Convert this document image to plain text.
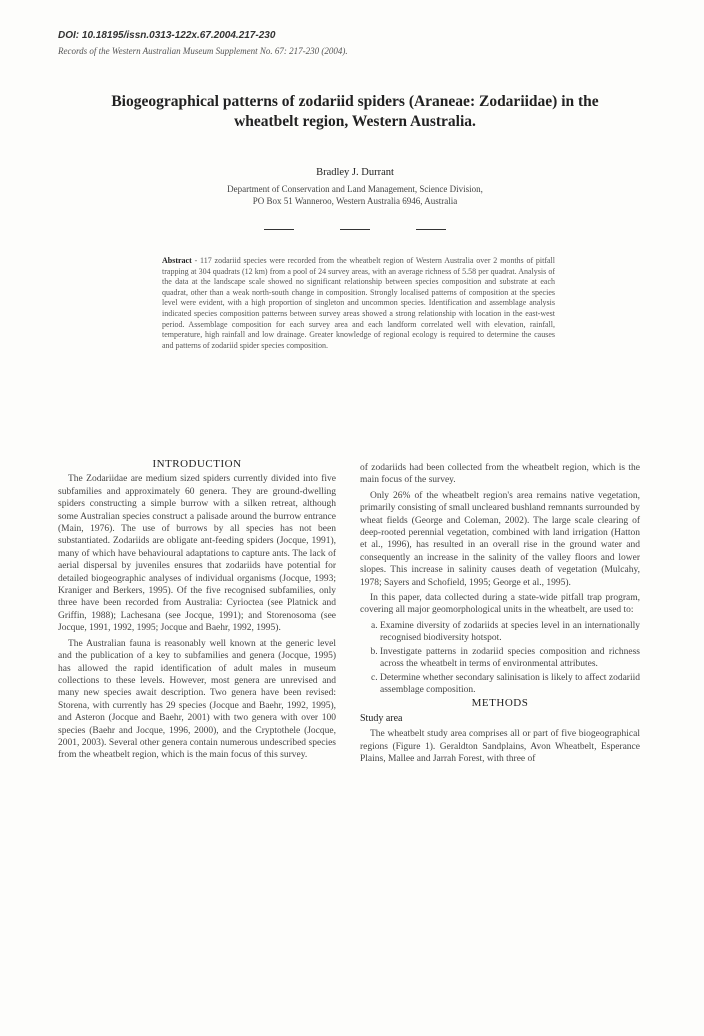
DOI: 10.18195/issn.0313-122x.67.2004.217-230
Records of the Western Australian Museum Supplement No. 67: 217-230 (2004).
Biogeographical patterns of zodariid spiders (Araneae: Zodariidae) in the wheatbelt region, Western Australia.
Bradley J. Durrant
Department of Conservation and Land Management, Science Division,
PO Box 51 Wanneroo, Western Australia 6946, Australia
Abstract - 117 zodariid species were recorded from the wheatbelt region of Western Australia over 2 months of pitfall trapping at 304 quadrats (12 km) from a pool of 24 survey areas, with an average richness of 5.58 per quadrat. Analysis of the data at the landscape scale showed no significant relationship between species composition and substrate at each quadrat, other than a weak north-south change in composition. Strongly localised patterns of composition at the species level were evident, with a high proportion of singleton and uncommon species. Identification and assemblage analysis indicated species composition patterns between survey areas showed a strong relationship with location in the east-west period. Assemblage composition for each survey area and each landform correlated well with elevation, rainfall, temperature, high rainfall and low drainage. Greater knowledge of regional ecology is required to determine the causes and patterns of zodariid spider species composition.

INTRODUCTION

The Zodariidae are medium sized spiders currently divided into five subfamilies and approximately 60 genera. They are ground-dwelling spiders constructing a simple burrow with a silken retreat, although some Australian species construct a palisade around the burrow entrance (Main, 1976). The use of burrows by all species has not been substantiated. Zodariids are obligate ant-feeding spiders (Jocque, 1991), many of which have behavioural adaptations to capture ants. The lack of aerial dispersal by juveniles ensures that zodariids have potential for detailed biogeographic analyses of individual organisms (Jocque, 1993; Kraniger and Berkers, 1995). Of the five recognised subfamilies, only three have been recorded from Australia: Cyrioctea (see Platnick and Griffin, 1988); Lachesana (see Jocque, 1991); and Storenosoma (see Jocque, 1991, 1992, 1995; Jocque and Baehr, 1992, 1995).

The Australian fauna is reasonably well known at the generic level and the publication of a key to subfamilies and genera (Jocque, 1995) has allowed the rapid identification of adult males in museum collections to these levels. However, most genera are unrevised and many new species await description. Two genera have been revised: Storena, with currently has 29 species (Jocque and Baehr, 1992, 1995), and Asteron (Jocque and Baehr, 2001) with two genera with over 100 species (Baehr and Jocque, 1996, 2000), and the Cryptothele (Jocque, 2001, 2003). Several other genera contain numerous undescribed species from the wheatbelt region, which is the main focus of this survey.

of zodariids had been collected from the wheatbelt region, which is the main focus of the survey.

Only 26% of the wheatbelt region's area remains native vegetation, primarily consisting of small uncleared bushland remnants surrounded by wheat fields (George and Coleman, 2002). The large scale clearing of deep-rooted perennial vegetation, combined with land irrigation (Hatton et al., 1996), has resulted in an overall rise in the ground water and consequently an increase in the salinity of the valley floors and lower slopes. This increase in salinity causes death of vegetation (Mulcahy, 1978; Sayers and Schofield, 1995; George et al., 1995).

In this paper, data collected during a state-wide pitfall trap program, covering all major geomorphological units in the wheatbelt, are used to:

a. Examine diversity of zodariids at species level in an internationally recognised biodiversity hotspot.
b. Investigate patterns in zodariid species composition and richness across the wheatbelt in terms of environmental attributes.
c. Determine whether secondary salinisation is likely to affect zodariid assemblage composition.

METHODS

Study area

The wheatbelt study area comprises all or part of five biogeographical regions (Figure 1). Geraldton Sandplains, Avon Wheatbelt, Esperance Plains, Mallee and Jarrah Forest, with three of
